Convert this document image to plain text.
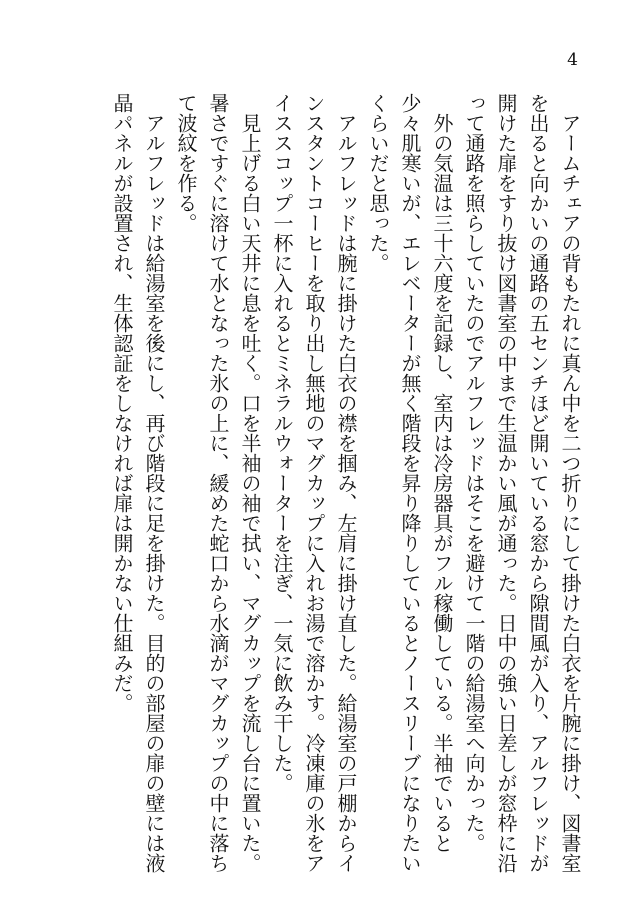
4

アームチェアの背もたれに真ん中を二つ折りにして掛けた白衣を片腕に掛け、図書室を出ると向かいの通路の五センチほど開いている窓から隙間風が入り、アルフレッドが開けた扉をすり抜け図書室の中まで生温かい風が通った。日中の強い日差しが窓枠に沿って通路を照らしていたのでアルフレッドはそこを避けて一階の給湯室へ向かった。

外の気温は三十六度を記録し、室内は冷房器具がフル稼働している。半袖でいると少々肌寒いが、エレベーターが無く階段を昇り降りしているとノースリーブになりたいくらいだと思った。

アルフレッドは腕に掛けた白衣の襟を掴み、左肩に掛け直した。給湯室の戸棚からインスタントコーヒーを取り出し無地のマグカップに入れお湯で溶かす。冷凍庫の氷をアイススコップ一杯に入れるとミネラルウォーターを注ぎ、一気に飲み干した。

見上げる白い天井に息を吐く。口を半袖の袖で拭い、マグカップを流し台に置いた。暑さですぐに溶けて水となった氷の上に、緩めた蛇口から水滴がマグカップの中に落ちて波紋を作る。

アルフレッドは給湯室を後にし、再び階段に足を掛けた。目的の部屋の扉の壁には液晶パネルが設置され、生体認証をしなければ扉は開かない仕組みだ。
